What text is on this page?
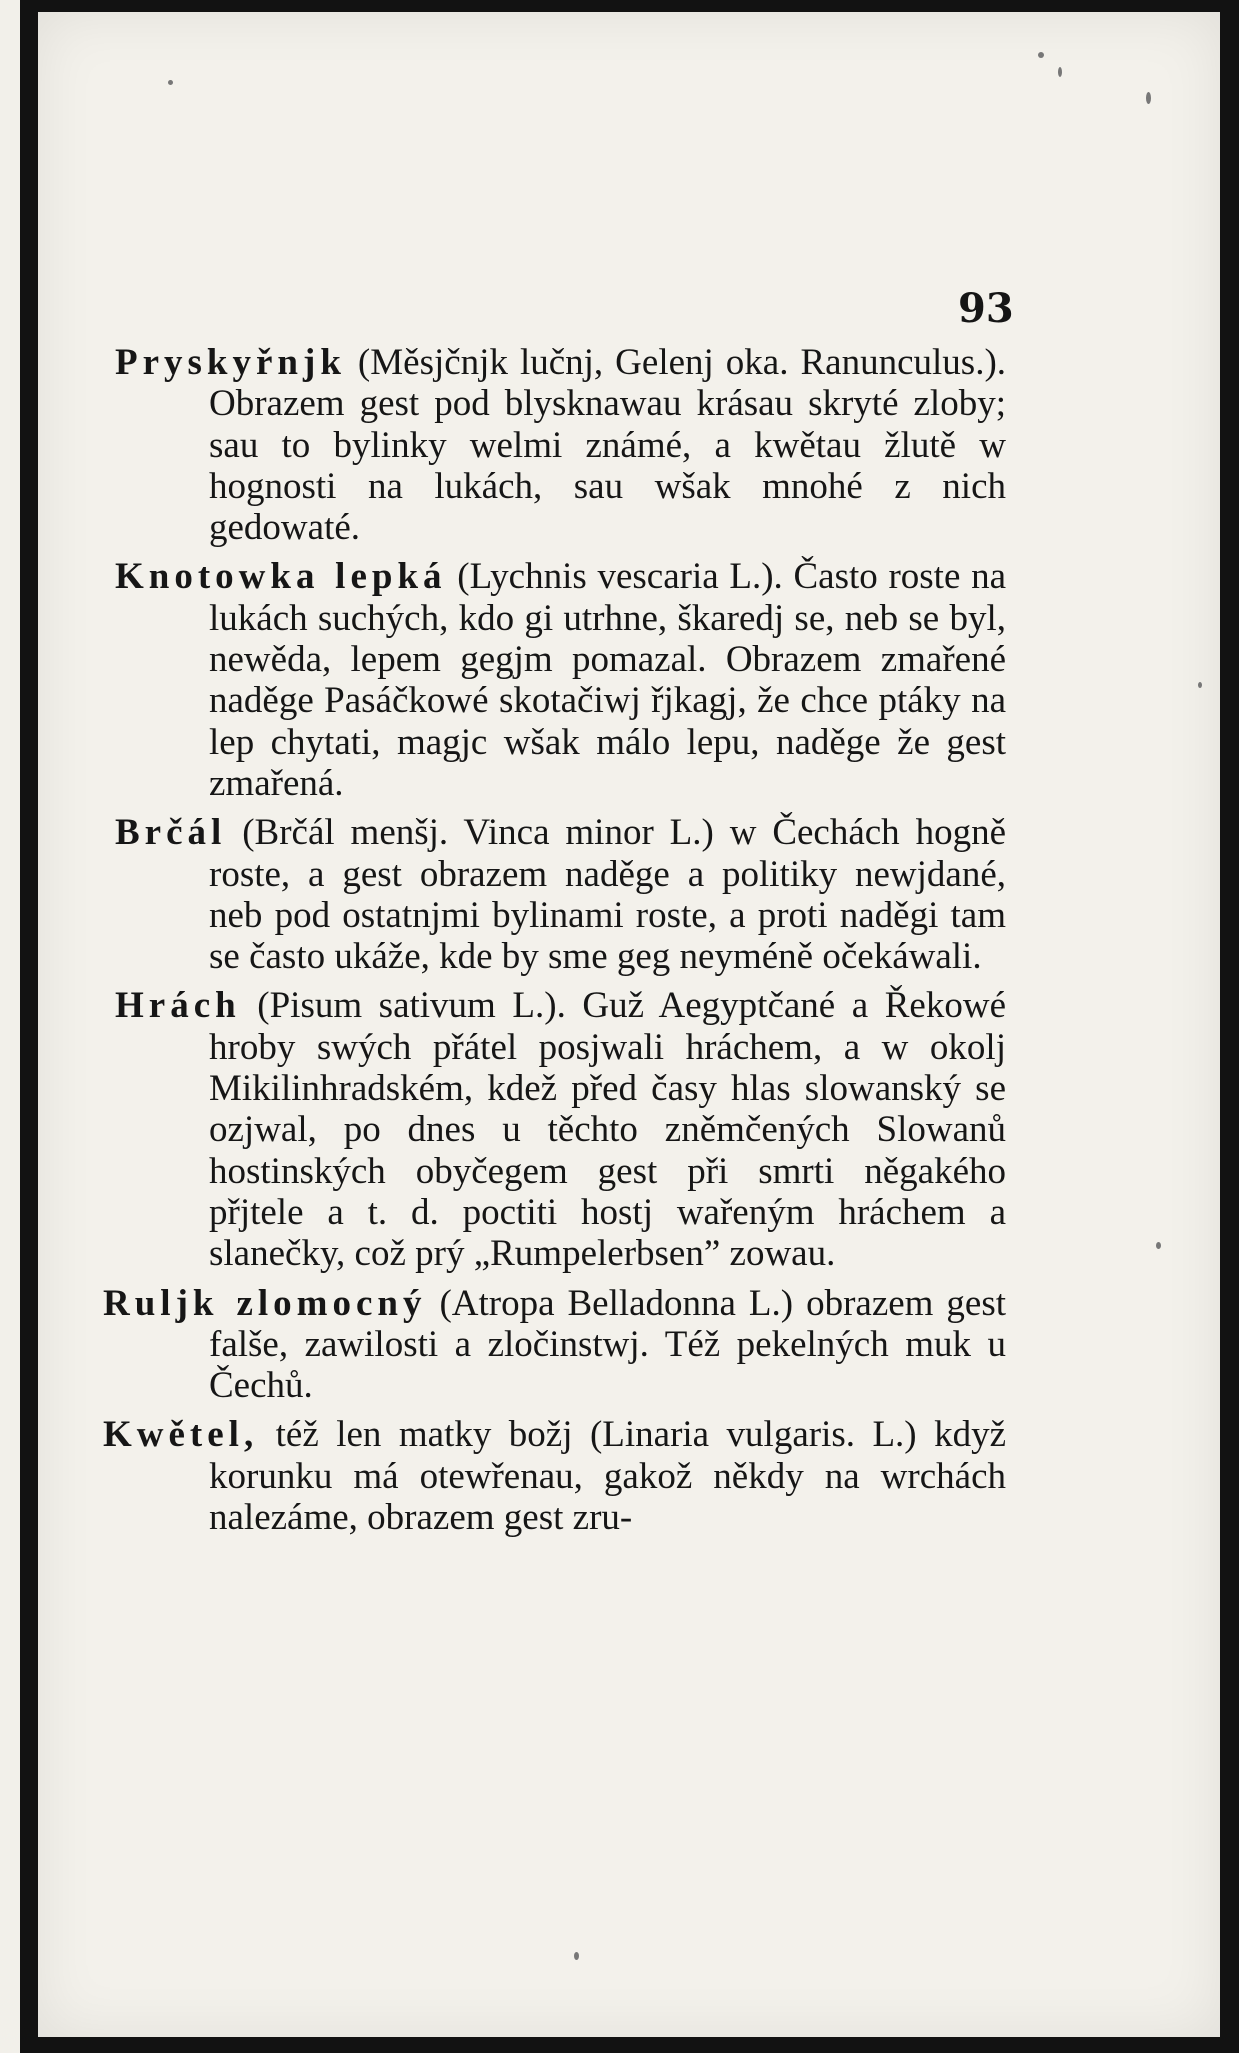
93

Pryskyřnjk (Měsjčnjk lučnj, Gelenj oka. Ranunculus.). Obrazem gest pod blysknawau krásau skryté zloby; sau to bylinky welmi známé, a kwětau žlutě w hognosti na lukách, sau wšak mnohé z nich gedowaté.

Knotowka lepká (Lychnis vescaria L.). Často roste na lukách suchých, kdo gi utrhne, škaredj se, neb se byl, newěda, lepem gegjm pomazal. Obrazem zmařené naděge Pasáčkowé skotačiwj řjkagj, že chce ptáky na lep chytati, magjc wšak málo lepu, naděge že gest zmařená.

Brčál (Brčál menšj. Vinca minor L.) w Čechách hogně roste, a gest obrazem naděge a politiky newjdané, neb pod ostatnjmi bylinami roste, a proti naděgi tam se často ukáže, kde by sme geg neyméně očekáwali.

Hrách (Pisum sativum L.). Guž Aegyptčané a Řekowé hroby swých přátel posjwali hráchem, a w okolj Mikilinhradském, kdež před časy hlas slowanský se ozjwal, po dnes u těchto zněmčených Slowanů hostinských obyčegem gest při smrti něgakého přjtele a t. d. poctiti hostj wařeným hráchem a slanečky, což prý „Rumpelerbsen” zowau.

Ruljk zlomocný (Atropa Belladonna L.) obrazem gest falše, zawilosti a zločinstwj. Též pekelných muk u Čechů.

Kwětel, též len matky božj (Linaria vulgaris. L.) když korunku má otewřenau, gakož někdy na wrchách nalezáme, obrazem gest zru-
